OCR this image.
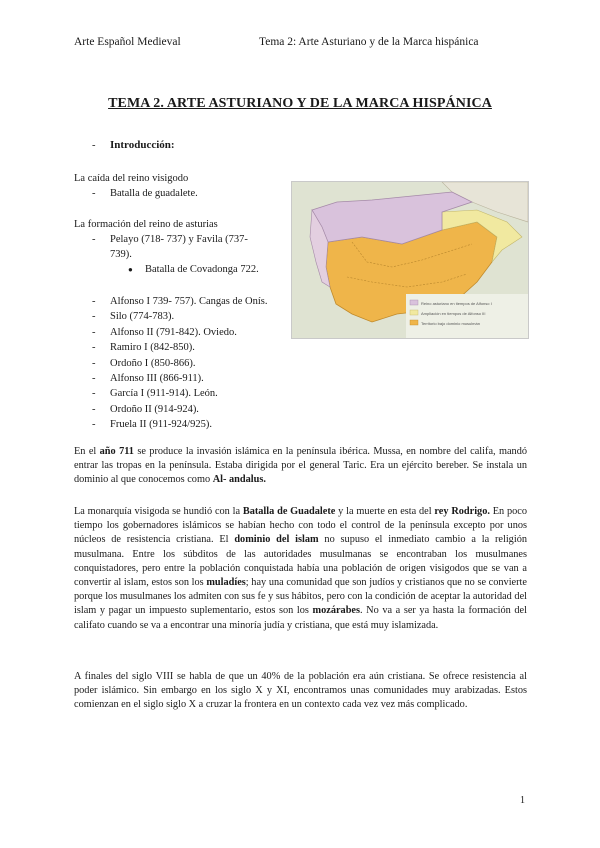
Arte Español Medieval	Tema 2: Arte Asturiano y de la Marca hispánica
TEMA 2. ARTE ASTURIANO Y DE LA MARCA HISPÁNICA
- Introducción:
La caída del reino visigodo
- Batalla de guadalete.
La formación del reino de asturias
- Pelayo (718- 737) y Favila (737-
739).
● Batalla de Covadonga 722.
- Alfonso I 739- 757). Cangas de Onís.
- Silo (774-783).
- Alfonso II (791-842). Oviedo.
- Ramiro I (842-850).
- Ordoño I (850-866).
- Alfonso III (866-911).
- García I (911-914). León.
- Ordoño II (914-924).
- Fruela II (911-924/925).
Reino asturiano en tiempos de Alfonso I
Ampliación en tiempos de Alfonso III
Territorio bajo dominio musulmán
En el año 711 se produce la invasión islámica en la península ibérica. Mussa, en nombre del califa, mandó entrar las tropas en la península. Estaba dirigida por el general Taric. Era un ejército bereber. Se instala un dominio al que conocemos como Al- andalus.
La monarquía visigoda se hundió con la Batalla de Guadalete y la muerte en esta del rey Rodrigo. En poco tiempo los gobernadores islámicos se habían hecho con todo el control de la península excepto por unos núcleos de resistencia cristiana. El dominio del islam no supuso el inmediato cambio a la religión musulmana. Entre los súbditos de las autoridades musulmanas se encontraban los musulmanes conquistadores, pero entre la población conquistada había una población de origen visigodos que se van a convertir al islam, estos son los muladíes; hay una comunidad que son judíos y cristianos que no se convierte porque los musulmanes los admiten con sus fe y sus hábitos, pero con la condición de aceptar la autoridad del islam y pagar un impuesto suplementario, estos son los mozárabes. No va a ser ya hasta la formación del califato cuando se va a encontrar una minoría judía y cristiana, que está muy islamizada.
A finales del siglo VIII se habla de que un 40% de la población era aún cristiana. Se ofrece resistencia al poder islámico. Sin embargo en los siglo X y XI, encontramos unas comunidades muy arabizadas. Estos comienzan en el siglo siglo X a cruzar la frontera en un contexto cada vez vez más complicado.
1
